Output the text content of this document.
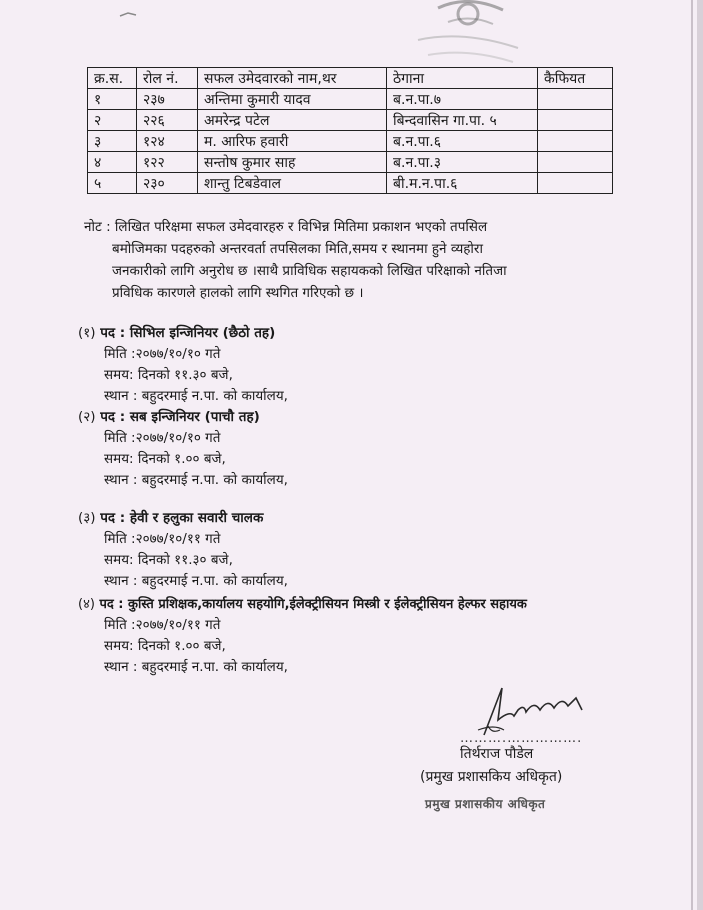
क्र.स.	रोल नं.	सफल उमेदवारको नाम,थर	ठेगाना	कैफियत
१	२३७	अन्तिमा कुमारी यादव	ब.न.पा.७	
२	२२६	अमरेन्द्र पटेल	बिन्दवासिन गा.पा. ५	
३	१२४	म. आरिफ हवारी	ब.न.पा.६	
४	१२२	सन्तोष कुमार साह	ब.न.पा.३	
५	२३०	शान्तु टिबडेवाल	बी.म.न.पा.६	
नोट : लिखित परिक्षमा सफल उमेदवारहरु र विभिन्न मितिमा प्रकाशन भएको तपसिल
बमोजिमका पदहरुको अन्तरवर्ता तपसिलका मिति,समय र स्थानमा हुने व्यहोरा
जनकारीको लागि अनुरोध छ ।साथै प्राविधिक सहायकको लिखित परिक्षाको नतिजा
प्रविधिक कारणले हालको लागि स्थगित गरिएको छ ।
(१) पद : सिभिल इन्जिनियर (छैठो तह)
मिति :२०७७/१०/१० गते
समय: दिनको ११.३० बजे,
स्थान : बहुदरमाई न.पा. को कार्यालय,
(२) पद : सब इन्जिनियर (पाचौ तह)
मिति :२०७७/१०/१० गते
समय: दिनको १.०० बजे,
स्थान : बहुदरमाई न.पा. को कार्यालय,
(३) पद : हेवी र हलुका सवारी चालक
मिति :२०७७/१०/११ गते
समय: दिनको ११.३० बजे,
स्थान : बहुदरमाई न.पा. को कार्यालय,
(४) पद : कुस्ति प्रशिक्षक,कार्यालय सहयोगि,ईलेक्ट्रीसियन मिस्त्री र ईलेक्ट्रीसियन हेल्फर सहायक
मिति :२०७७/१०/११ गते
समय: दिनको १.०० बजे,
स्थान : बहुदरमाई न.पा. को कार्यालय,
……….…………….
तिर्थराज पौडेल
(प्रमुख प्रशासकिय अधिकृत)
प्रमुख प्रशासकीय अधिकृत
